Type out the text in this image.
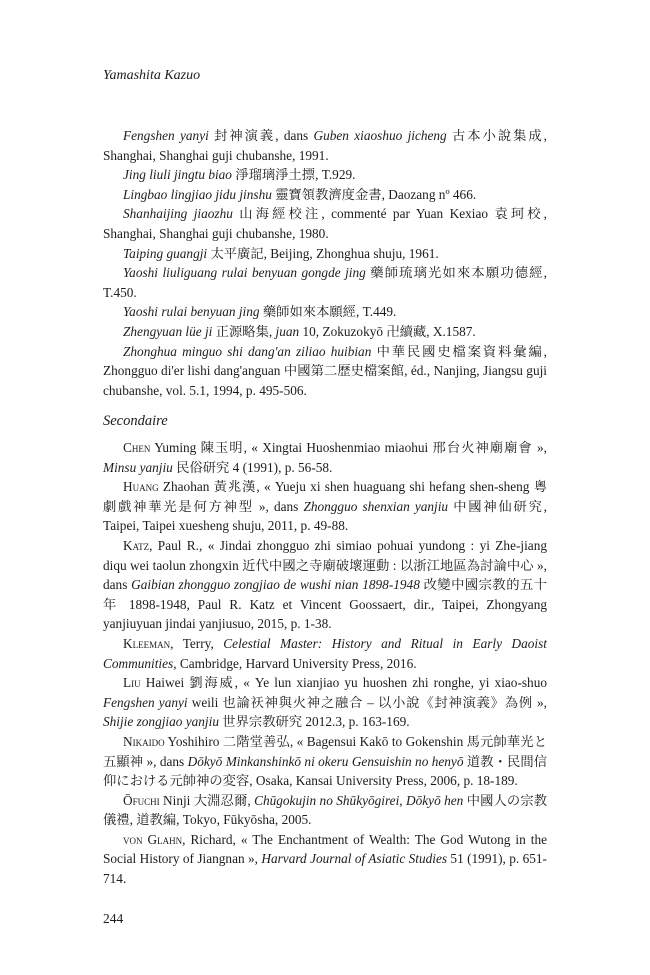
Yamashita Kazuo

Fengshen yanyi 封神演義, dans Guben xiaoshuo jicheng 古本小說集成, Shanghai, Shanghai guji chubanshe, 1991.

Jing liuli jingtu biao 淨瑠璃淨土摽, T.929.

Lingbao lingjiao jidu jinshu 靈寶領教濟度金書, Daozang nº 466.

Shanhaijing jiaozhu 山海經校注, commenté par Yuan Kexiao 袁珂校, Shanghai, Shanghai guji chubanshe, 1980.

Taiping guangji 太平廣記, Beijing, Zhonghua shuju, 1961.

Yaoshi liuliguang rulai benyuan gongde jing 藥師琉璃光如來本願功德經, T.450.

Yaoshi rulai benyuan jing 藥師如來本願經, T.449.

Zhengyuan lüe ji 正源略集, juan 10, Zokuzokyō 卍續藏, X.1587.

Zhonghua minguo shi dang'an ziliao huibian 中華民國史檔案資料彙編, Zhongguo di'er lishi dang'anguan 中國第二歷史檔案館, éd., Nanjing, Jiangsu guji chubanshe, vol. 5.1, 1994, p. 495-506.

Secondaire

Chen Yuming 陳玉明, « Xingtai Huoshenmiao miaohui 邢台火神廟廟會 », Minsu yanjiu 民俗研究 4 (1991), p. 56-58.

Huang Zhaohan 黃兆漢, « Yueju xi shen huaguang shi hefang shen-sheng 粵劇戲神華光是何方神型 », dans Zhongguo shenxian yanjiu 中國神仙研究, Taipei, Taipei xuesheng shuju, 2011, p. 49-88.

Katz, Paul R., « Jindai zhongguo zhi simiao pohuai yundong : yi Zhe-jiang diqu wei taolun zhongxin 近代中國之寺廟破壞運動 : 以浙江地區為討論中心 », dans Gaibian zhongguo zongjiao de wushi nian 1898-1948 改變中國宗教的五十年 1898-1948, Paul R. Katz et Vincent Goossaert, dir., Taipei, Zhongyang yanjiuyuan jindai yanjiusuo, 2015, p. 1-38.

Kleeman, Terry, Celestial Master: History and Ritual in Early Daoist Communities, Cambridge, Harvard University Press, 2016.

Liu Haiwei 劉海威, « Ye lun xianjiao yu huoshen zhi ronghe, yi xiao-shuo Fengshen yanyi weili 也論祆神與火神之融合 – 以小說《封神演義》為例 », Shijie zongjiao yanjiu 世界宗教研究 2012.3, p. 163-169.

Nikaido Yoshihiro 二階堂善弘, « Bagensui Kakō to Gokenshin 馬元帥華光と五顯神 », dans Dōkyō Minkanshinkō ni okeru Gensuishin no henyō 道教・民間信仰における元帥神の変容, Osaka, Kansai University Press, 2006, p. 18-189.

Ōfuchi Ninji 大淵忍爾, Chūgokujin no Shūkyōgirei, Dōkyō hen 中國人の宗教儀禮, 道教編, Tokyo, Fūkyōsha, 2005.

von Glahn, Richard, « The Enchantment of Wealth: The God Wutong in the Social History of Jiangnan », Harvard Journal of Asiatic Studies 51 (1991), p. 651-714.

244
